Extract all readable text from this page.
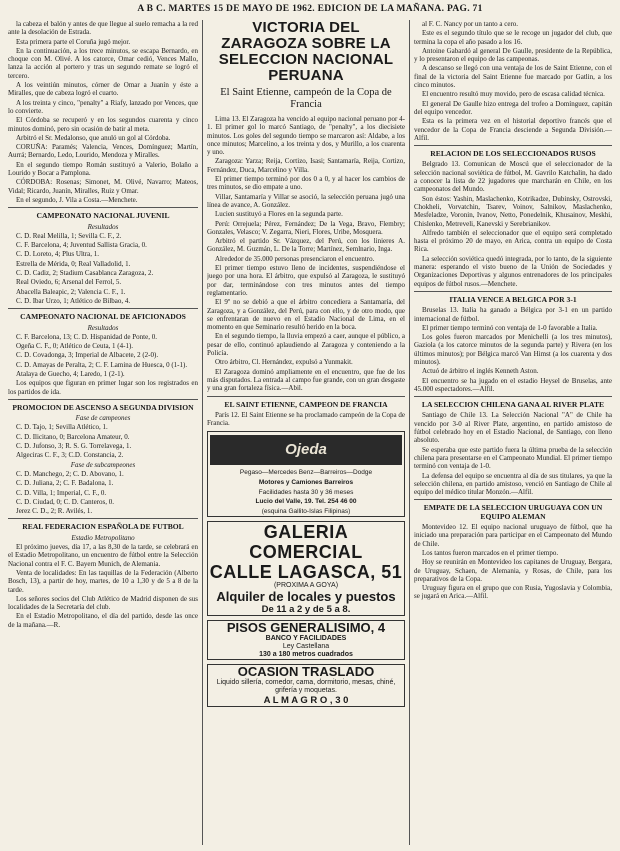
A B C. MARTES 15 DE MAYO DE 1962. EDICION DE LA MAÑANA. PAG. 71

la cabeza el balón y antes de que llegue al suelo remacha a la red ante la desolación de Estrada.

Esta primera parte el Coruña jugó mejor.

En la continuación, a los trece minutos, se escapa Bernardo, en choque con M. Olivé. A los catorce, Omar cedió, Vences Mallo, lanza la acción al portero y tras un segundo remate se logró el tercero.

A los veintiún minutos, córner de Omar a Juanín y éste a Miralles, que de cabeza logró el cuarto.

A los treinta y cinco, "penalty" a Riafy, lanzado por Vences, que lo convierte.

El Córdoba se recuperó y en los segundos cuarenta y cinco minutos dominó, pero sin ocasión de batir al meta.

Arbitró el Sr. Medalonso, que anuló un gol al Córdoba.

CORUÑA: Paramés; Valencia, Vences, Domínguez; Martín, Aurrá; Bernardo, Ledo, Lourido, Mendoza y Miralles.

En el segundo tiempo Román sustituyó a Valerio, Bolaño a Lourido y Bocar a Pamplona.

CÓRDOBA: Rosenas; Simonet, M. Olivé, Navarro; Mateos, Vidal; Ricardo, Juanín, Miralles, Ruiz y Omar.

En el segundo, J. Vila a Costa.—Menchete.

CAMPEONATO NACIONAL JUVENIL
Resultados

C. D. Real Melilla, 1; Sevilla C. F., 2.

C. F. Barcelona, 4; Juventud Sallista Gracia, 0.

C. D. Loreto, 4; Plus Ultra, 1.

Estrella de Mérida, 0; Real Valladolid, 1.

C. D. Cadiz, 2; Stadium Casablanca Zaragoza, 2.

Real Oviedo, 6; Arsenal del Ferrol, 5.

Abacella Baleapic, 2; Valencia C. F., 1.

C. D. Ibar Urzo, 1; Atlético de Bilbao, 4.

CAMPEONATO NACIONAL DE AFICIONADOS
Resultados

C. F. Barcelona, 13; C. D. Hispanidad de Ponte, 0.

Ogeña C. F., 0; Atlético de Ceuta, 1 (4-1).

C. D. Covadonga, 3; Imperial de Albacete, 2 (2-0).

C. D. Amayas de Peralta, 2; C. F. Lamina de Huesca, 0 (1-1).

Atalaya de Guecho, 4; Laredo, 1 (2-1).

Los equipos que figuran en primer lugar son los registrados en los partidos de ida.

PROMOCION DE ASCENSO A SEGUNDA DIVISION
Fase de campeones

C. D. Tajo, 1; Sevilla Atlético, 1.

C. D. Ilicitano, 0; Barcelona Amateur, 0.

C. D. Jufonso, 3; R. S. G. Torrelavega, 1.

Algeciras C. F., 3; C.D. Constancia, 2.

Fase de subcampeones

C. D. Manchego, 2; C. D. Abovano, 1.

C. D. Juliana, 2; C. F. Badalona, 1.

C. D. Villa, 1; Imperial, C. F., 0.

C. D. Ciudad, 0; C. D. Canteros, 0.

Jerez C. D., 2; R. Avilés, 1.

REAL FEDERACION ESPAÑOLA DE FUTBOL
Estadio Metropolitano

El próximo jueves, día 17, a las 8,30 de la tarde, se celebrará en el Estadio Metropolitano, un encuentro de fútbol entre la Selección Nacional contra el F. C. Bayern Munich, de Alemania.

Venta de localidades: En las taquillas de la Federación (Alberto Bosch, 13), a partir de hoy, martes, de 10 a 1,30 y de 5 a 8 de la tarde.

Los señores socios del Club Atlético de Madrid disponen de sus localidades de la Secretaría del club.

En el Estadio Metropolitano, el día del partido, desde las once de la mañana.—R.

VICTORIA DEL ZARAGOZA SOBRE LA SELECCION NACIONAL PERUANA
El Saint Etienne, campeón de la Copa de Francia

Lima 13. El Zaragoza ha vencido al equipo nacional peruano por 4-1. El primer gol lo marcó Santiago, de "penalty", a los diecisiete minutos. Los goles del segundo tiempo se marcaron así: Aldabe, a los once minutos; Marcelino, a los treinta y dos, y Murillo, a los cuarenta y uno.

Zaragoza: Yarza; Reija, Cortizo, Isasi; Santamaría, Reija, Cortizo, Fernández, Duca, Marcelino y Villa.

El primer tiempo terminó por dos 0 a 0, y al hacer los cambios de tres minutos, se dio empate a uno.

Villar, Santamaría y Villar se asoció, la selección peruana jugó una línea de avance, A. González.

Lucien sustituyó a Flores en la segunda parte.

Perú: Orrejuela; Pérez, Fernández; De la Vega, Bravo, Flembry; Gonzales, Velasco; V. Zegarra, Nieri, Flores, Uribe, Mosquera.

Arbitró el partido Sr. Vázquez, del Perú, con los linieres A. González, M. Guzmán, L. De la Torre; Martínez, Semlnario, Inga.

Alrededor de 35.000 personas presenciaron el encuentro.

El primer tiempo estuvo lleno de incidentes, suspendiéndose el juego por una hora. El árbitro, que expulsó al Zaragoza, le sustituyó por dar, terminándose con tres minutos antes del tiempo reglamentario.

El 9º no se debió a que el árbitro concediera a Santamaría, del Zaragoza, y a González, del Perú, para con ello, y de otro modo, que se enfrentaran de nuevo en el Estadio Nacional de Lima, en el momento en que Seminario resultó herido en la boca.

En el segundo tiempo, la lluvia empezó a caer, aunque el público, a pesar de ello, continuó aplaudiendo al Zaragoza y conteniendo a la Policía.

Otro árbitro, Cl. Hernández, expulsó a Yunmakit.

El Zaragoza dominó ampliamente en el encuentro, que fue de los más disputados. La entrada al campo fue grande, con un gran desgaste y una gran fortaleza física.—Abil.

EL SAINT ETIENNE, CAMPEON DE FRANCIA

París 12. El Saint Etienne se ha proclamado campeón de la Copa de Francia.

Ojeda
Pegaso—Mercedes Benz—Barreiros—Dodge
Motores y Camiones Barreiros
Facilidades hasta 30 y 36 meses
Lucio del Valle, 19. Tel. 254 46 00
(esquina Gallito-Islas Filipinas)
GALERIA COMERCIAL
CALLE LAGASCA, 51
(PROXIMA A GOYA)
Alquiler de locales y puestos
De 11 a 2 y de 5 a 8.
PISOS GENERALISIMO, 4
BANCO Y FACILIDADES
Ley Castellana
130 a 180 metros cuadrados
OCASION TRASLADO
Liquido sillería, comedor, cama, dormitorio, mesas, chiné, grifería y moquetas.
A L M A G R O , 3 0

al F. C. Nancy por un tanto a cero.

Este es el segundo título que se le recoge un jugador del club, que termina la copa el año pasado a los 16.

Antoine Gabardó al general De Gaulle, presidente de la República, y lo presentaron el equipo de las campeonas.

A descanso se llegó con una ventaja de los de Saint Etienne, con el final de la victoria del Saint Etienne fue marcado por Gatlin, a los cinco minutos.

El encuentro resultó muy movido, pero de escasa calidad técnica.

El general De Gaulle hizo entrega del trofeo a Domínguez, capitán del equipo vencedor.

Esta es la primera vez en el historial deportivo francés que el vencedor de la Copa de Francia desciende a Segunda División.—Alfil.

RELACION DE LOS SELECCIONADOS RUSOS

Belgrado 13. Comunican de Moscú que el seleccionador de la selección nacional soviética de fútbol, M. Gavrilo Katchalin, ha dado a conocer la lista de 22 jugadores que marcharán en Chile, en los campeonatos del Mundo.

Son éstos: Yashin, Maslachenko, Kotrikadze, Dubinsky, Ostrovski, Chokheli, Vorvatchin, Tsarev, Voinov, Salnikov, Maslachenko, Mesfeladze, Voronin, Ivanov, Netto, Ponedelnik, Khusainov, Meskhi, Chislenko, Metreveli, Kanevski y Serebrianikov.

Alfredo también el seleccionador que el equipo será completado hasta el próximo 20 de mayo, en Arica, contra un equipo de Costa Rica.

La selección soviética quedó integrada, por lo tanto, de la siguiente manera: esperando el visto bueno de la Unión de Sociedades y Organizaciones Deportivas y algunos entrenadores de los principales equipos de fútbol rusos.—Menchete.

ITALIA VENCE A BELGICA POR 3-1

Bruselas 13. Italia ha ganado a Bélgica por 3-1 en un partido internacional de fútbol.

El primer tiempo terminó con ventaja de 1-0 favorable a Italia.

Los goles fueron marcados por Menichelli (a los tres minutos), Gaziola (a los catorce minutos de la segunda parte) y Rivera (en los últimos minutos); por Bélgica marcó Van Himst (a los cuarenta y dos minutos).

Actuó de árbitro el inglés Kenneth Aston.

El encuentro se ha jugado en el estadio Heysel de Bruselas, ante 45.000 espectadores.—Alfil.

LA SELECCION CHILENA GANA AL RIVER PLATE

Santiago de Chile 13. La Selección Nacional "A" de Chile ha vencido por 3-0 al River Plate, argentino, en partido amistoso de fútbol celebrado hoy en el Estadio Nacional, de Santiago, con lleno absoluto.

Se esperaba que este partido fuera la última prueba de la selección chilena para presentarse en el Campeonato Mundial. El primer tiempo terminó con ventaja de 1-0.

La defensa del equipo se encuentra al día de sus titulares, ya que la selección chilena, en partido amistoso, venció en Santiago de Chile al equipo del médico titular Monzón.—Alfil.

EMPATE DE LA SELECCION URUGUAYA CON UN EQUIPO ALEMAN

Montevideo 12. El equipo nacional uruguayo de fútbol, que ha iniciado una preparación para participar en el Campeonato del Mundo de Chile.

Los tantos fueron marcados en el primer tiempo.

Hoy se reunirán en Montevideo los capitanes de Uruguay, Bergara, de Uruguay, Schaen, de Alemania, y Rosas, de Chile, para los preparativos de la Copa.

Uruguay figura en el grupo que con Rusia, Yugoslavia y Colombia, se jugará en Arica.—Alfil.
